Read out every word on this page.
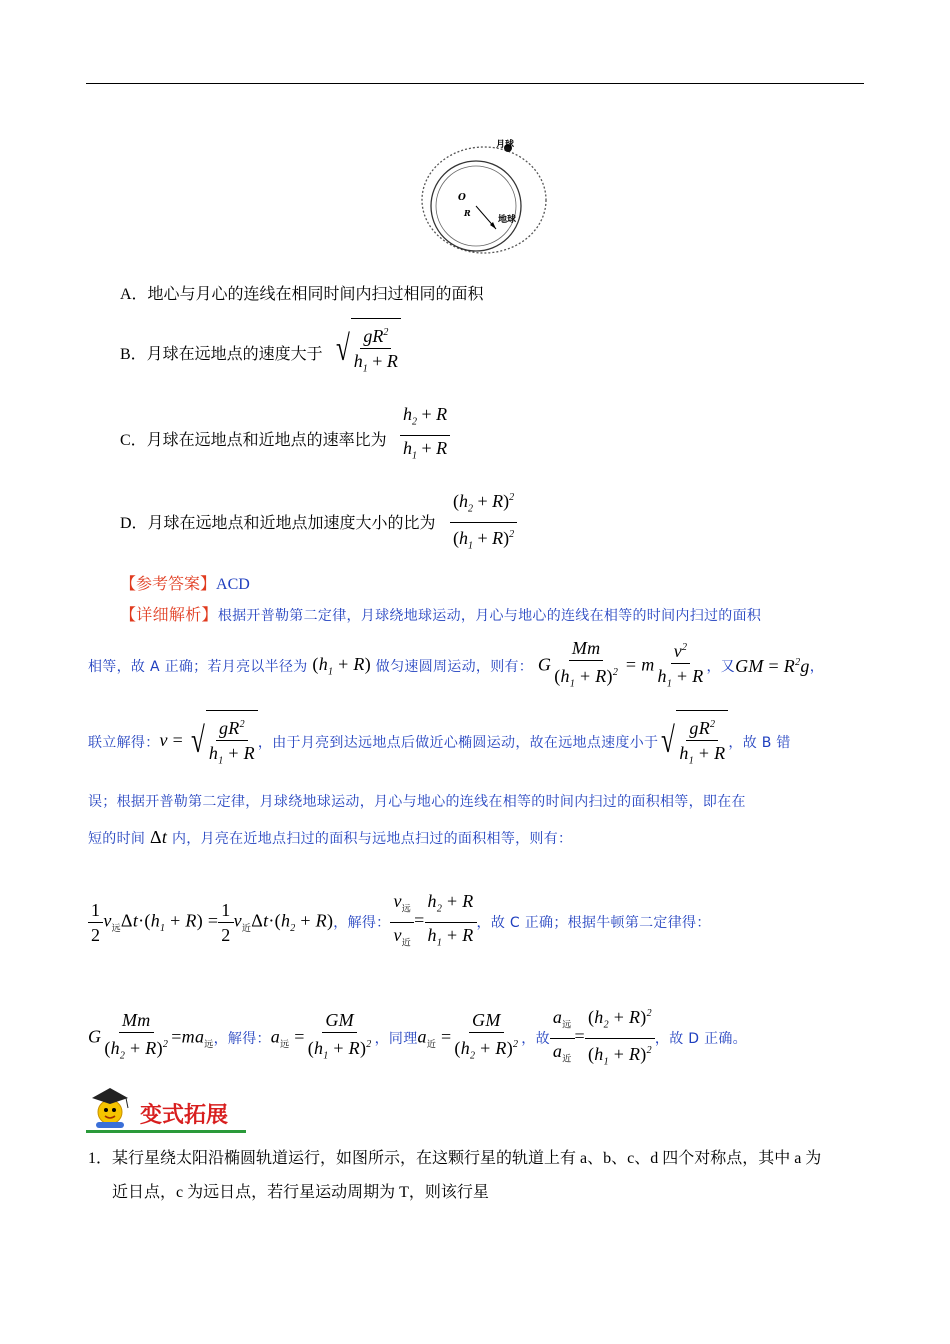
月球
地球
O
R
A．地心与月心的连线在相同时间内扫过相同的面积
B．月球在远地点的速度大于 √ $\frac{gR^2}{h_1 + R}$
C．月球在远地点和近地点的速率比为 $\frac{h_2 + R}{h_1 + R}$
D．月球在远地点和近地点加速度大小的比为 $\frac{(h_2 + R)^2}{(h_1 + R)^2}$
【参考答案】ACD
【详细解析】根据开普勒第二定律，月球绕地球运动，月心与地心的连线在相等的时间内扫过的面积
相等，故 A 正确；若月亮以半径为 $(h_1 + R)$ 做匀速圆周运动，则有： G $\frac{Mm}{(h_1 + R)^2} = m \frac{v^2}{h_1 + R}$ ，又 GM = $R^2g$ ，
联立解得： v = √ $\frac{gR^2}{h_1 + R}$ ，由于月亮到达远地点后做近心椭圆运动，故在远地点速度小于 √ $\frac{gR^2}{h_1 + R}$ ，故 B 错
误；根据开普勒第二定律，月球绕地球运动，月心与地心的连线在相等的时间内扫过的面积相等，即在在
短的时间 Δt 内，月亮在近地点扫过的面积与远地点扫过的面积相等，则有：
$\frac{1}{2} v_远\Delta t\cdot(h_1 + R) = \frac{1}{2} v_近\Delta t\cdot(h_2 + R)$ ，解得： $\frac{v_远}{v_近} = \frac{h_2 + R}{h_1 + R}$ ，故 C 正确；根据牛顿第二定律得：
G $\frac{Mm}{(h_2 + R)^2} =ma_远$ ，解得： $a_远 = \frac{GM}{(h_1 + R)^2}$ ，同理 $a_近 = \frac{GM}{(h_2 + R)^2}$ ，故 $\frac{a_远}{a_近} = \frac{(h_2 + R)^2}{(h_1 + R)^2}$ ，故 D 正确。
变式拓展
1．某行星绕太阳沿椭圆轨道运行，如图所示，在这颗行星的轨道上有 a、b、c、d 四个对称点，其中 a 为
近日点，c 为远日点，若行星运动周期为 T，则该行星
